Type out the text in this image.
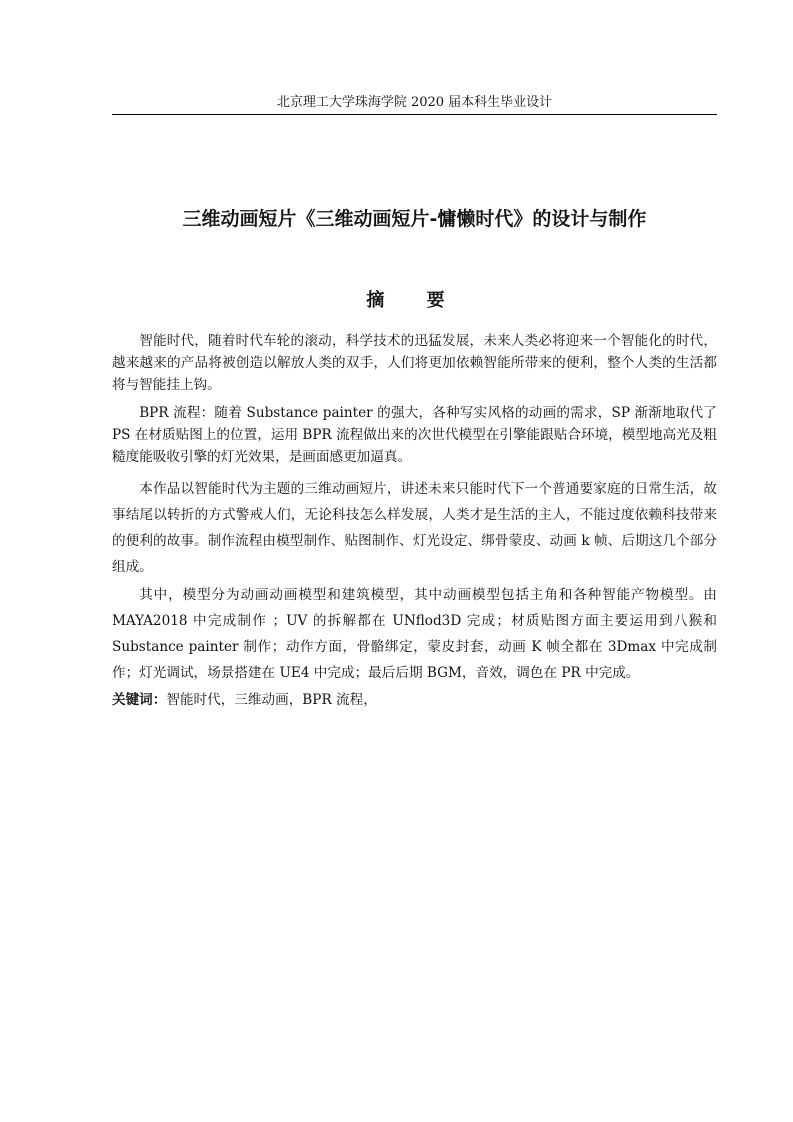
北京理工大学珠海学院 2020 届本科生毕业设计
三维动画短片《三维动画短片-慵懒时代》的设计与制作
摘 要

智能时代，随着时代车轮的滚动，科学技术的迅猛发展，未来人类必将迎来一个智能化的时代，越来越来的产品将被创造以解放人类的双手，人们将更加依赖智能所带来的便利，整个人类的生活都将与智能挂上钩。

BPR 流程：随着 Substance painter 的强大，各种写实风格的动画的需求，SP 渐渐地取代了 PS 在材质贴图上的位置，运用 BPR 流程做出来的次世代模型在引擎能跟贴合环境，模型地高光及粗糙度能吸收引擎的灯光效果，是画面感更加逼真。

本作品以智能时代为主题的三维动画短片，讲述未来只能时代下一个普通要家庭的日常生活，故事结尾以转折的方式警戒人们，无论科技怎么样发展，人类才是生活的主人，不能过度依赖科技带来的便利的故事。制作流程由模型制作、贴图制作、灯光设定、绑骨蒙皮、动画 k 帧、后期这几个部分组成。

其中，模型分为动画动画模型和建筑模型，其中动画模型包括主角和各种智能产物模型。由 MAYA2018 中完成制作 ；UV 的拆解都在 UNflod3D 完成；材质贴图方面主要运用到八猴和 Substance painter 制作；动作方面，骨骼绑定，蒙皮封套，动画 K 帧全都在 3Dmax 中完成制作；灯光调试，场景搭建在 UE4 中完成；最后后期 BGM，音效，调色在 PR 中完成。

关键词：智能时代，三维动画，BPR 流程，
